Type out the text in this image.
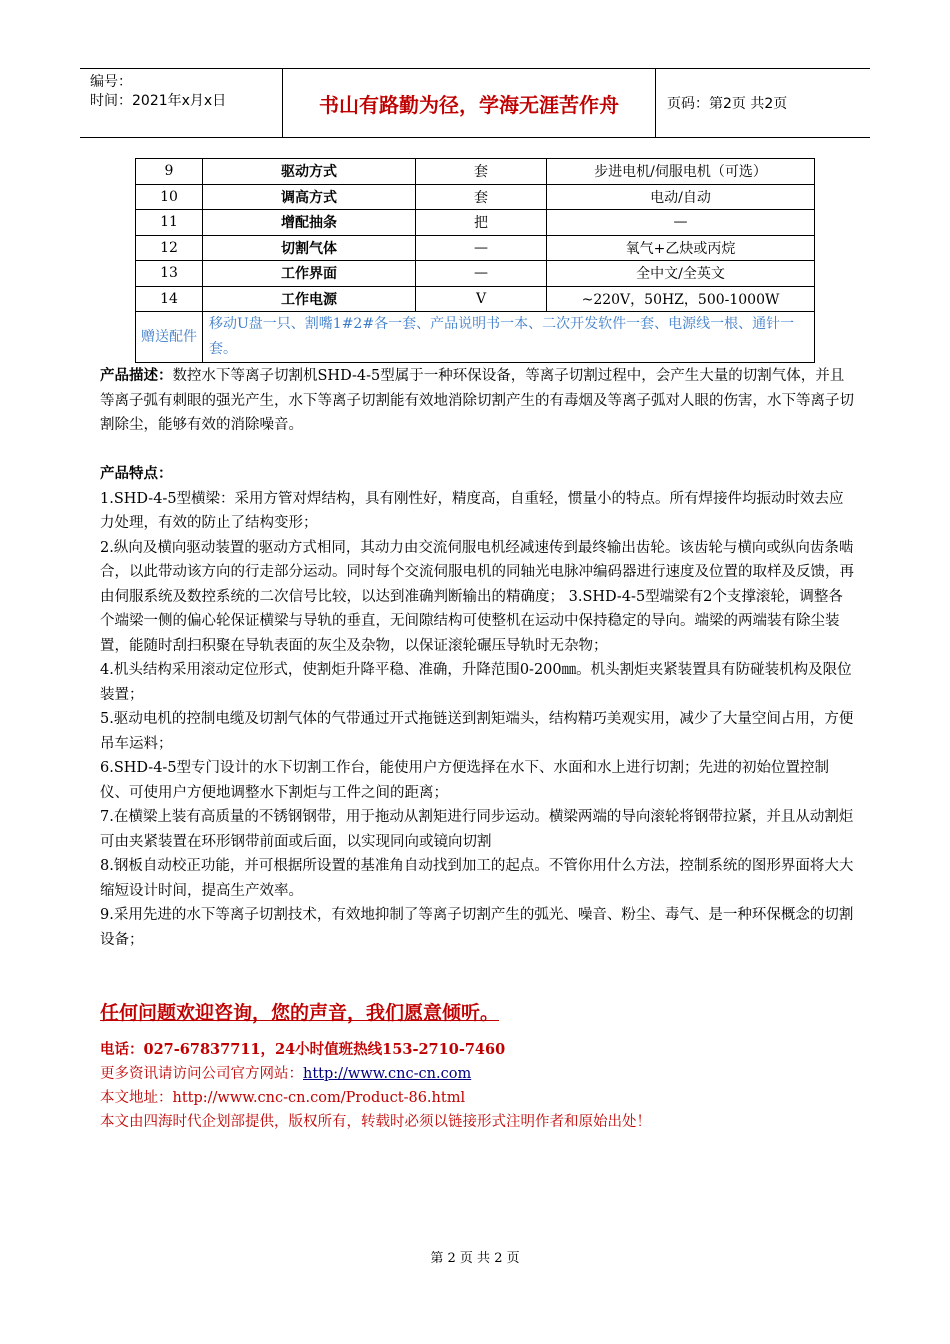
编号：
时间：2021年x月x日	书山有路勤为径，学海无涯苦作舟	页码：第2页 共2页
9	驱动方式	套	步进电机/伺服电机（可选）
10	调高方式	套	电动/自动
11	增配抽条	把	—
12	切割气体	—	氧气+乙炔或丙烷
13	工作界面	—	全中文/全英文
14	工作电源	V	~220V，50HZ，500-1000W
赠送配件	移动U盘一只、割嘴1#2#各一套、产品说明书一本、二次开发软件一套、电源线一根、通针一套。		

产品描述：数控水下等离子切割机SHD-4-5型属于一种环保设备，等离子切割过程中，会产生大量的切割气体，并且等离子弧有刺眼的强光产生，水下等离子切割能有效地消除切割产生的有毒烟及等离子弧对人眼的伤害，水下等离子切割除尘，能够有效的消除噪音。

产品特点：

1.SHD-4-5型横梁：采用方管对焊结构，具有刚性好，精度高，自重轻，惯量小的特点。所有焊接件均振动时效去应力处理，有效的防止了结构变形；

2.纵向及横向驱动装置的驱动方式相同，其动力由交流伺服电机经减速传到最终输出齿轮。该齿轮与横向或纵向齿条啮合，以此带动该方向的行走部分运动。同时每个交流伺服电机的同轴光电脉冲编码器进行速度及位置的取样及反馈，再由伺服系统及数控系统的二次信号比较，以达到准确判断输出的精确度； 3.SHD-4-5型端梁有2个支撑滚轮，调整各个端梁一侧的偏心轮保证横梁与导轨的垂直，无间隙结构可使整机在运动中保持稳定的导向。端梁的两端装有除尘装置，能随时刮扫积聚在导轨表面的灰尘及杂物，以保证滚轮碾压导轨时无杂物；

4.机头结构采用滚动定位形式，使割炬升降平稳、准确，升降范围0-200㎜。机头割炬夹紧装置具有防碰装机构及限位装置；

5.驱动电机的控制电缆及切割气体的气带通过开式拖链送到割矩端头，结构精巧美观实用，减少了大量空间占用，方便吊车运料；

6.SHD-4-5型专门设计的水下切割工作台，能使用户方便选择在水下、水面和水上进行切割；先进的初始位置控制仪、可使用户方便地调整水下割炬与工件之间的距离；

7.在横梁上装有高质量的不锈钢钢带，用于拖动从割矩进行同步运动。横梁两端的导向滚轮将钢带拉紧，并且从动割炬可由夹紧装置在环形钢带前面或后面，以实现同向或镜向切割

8.钢板自动校正功能，并可根据所设置的基准角自动找到加工的起点。不管你用什么方法，控制系统的图形界面将大大缩短设计时间，提高生产效率。

9.采用先进的水下等离子切割技术，有效地抑制了等离子切割产生的弧光、噪音、粉尘、毒气、是一种环保概念的切割设备；

任何问题欢迎咨询，您的声音，我们愿意倾听。
电话：027-67837711，24小时值班热线153-2710-7460
更多资讯请访问公司官方网站：http://www.cnc-cn.com
本文地址：http://www.cnc-cn.com/Product-86.html
本文由四海时代企划部提供，版权所有，转载时必须以链接形式注明作者和原始出处！
第 2 页 共 2 页
